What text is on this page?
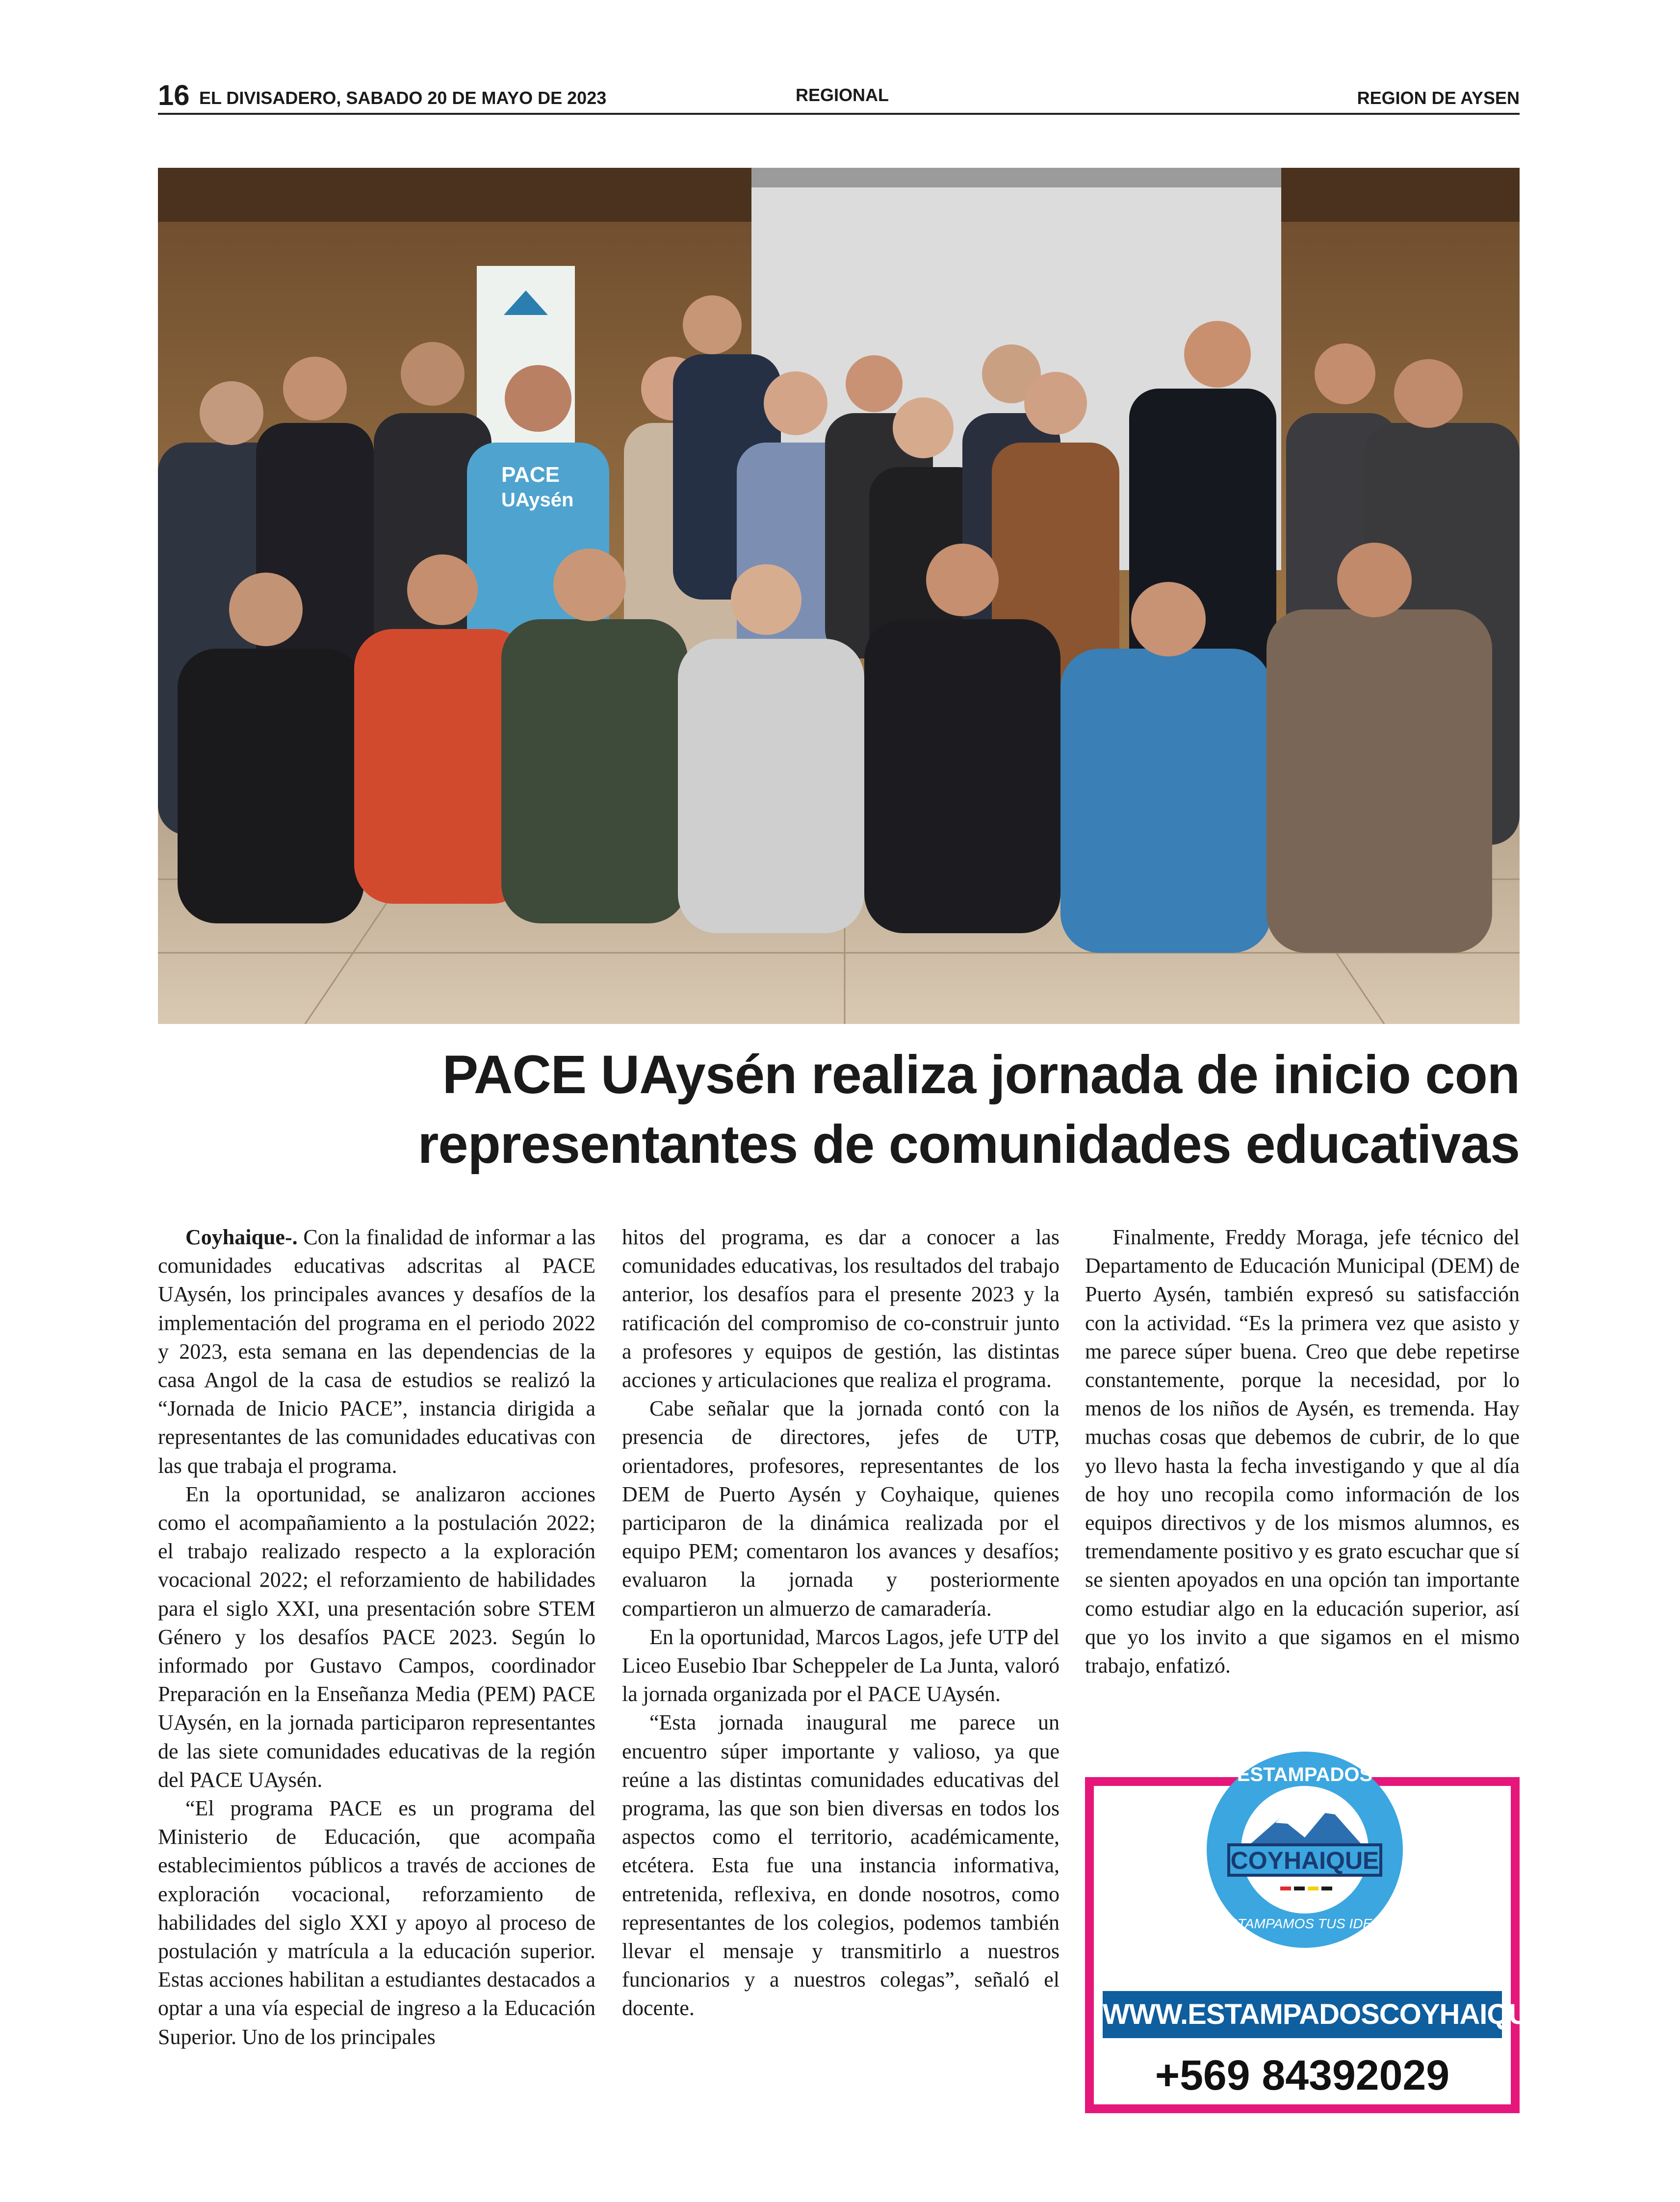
16 EL DIVISADERO, SABADO 20 DE MAYO DE 2023	REGIONAL	REGION DE AYSEN
PACE
UAysén
PACE UAysén realiza jornada de inicio con representantes de comunidades educativas

Coyhaique-. Con la finalidad de informar a las comunidades educativas adscritas al PACE UAysén, los principales avances y desafíos de la implementación del programa en el periodo 2022 y 2023, esta semana en las dependencias de la casa Angol de la casa de estudios se realizó la “Jornada de Inicio PACE”, instancia dirigida a representantes de las comunidades educativas con las que trabaja el programa.

En la oportunidad, se analizaron acciones como el acompañamiento a la postulación 2022; el trabajo realizado respecto a la exploración vocacional 2022; el reforzamiento de habilidades para el siglo XXI, una presentación sobre STEM Género y los desafíos PACE 2023. Según lo informado por Gustavo Campos, coordinador Preparación en la Enseñanza Media (PEM) PACE UAysén, en la jornada participaron representantes de las siete comunidades educativas de la región del PACE UAysén.

“El programa PACE es un programa del Ministerio de Educación, que acompaña establecimientos públicos a través de acciones de exploración vocacional, reforzamiento de habilidades del siglo XXI y apoyo al proceso de postulación y matrícula a la educación superior. Estas acciones habilitan a estudiantes destacados a optar a una vía especial de ingreso a la Educación Superior. Uno de los principales

hitos del programa, es dar a conocer a las comunidades educativas, los resultados del trabajo anterior, los desafíos para el presente 2023 y la ratificación del compromiso de co-construir junto a profesores y equipos de gestión, las distintas acciones y articulaciones que realiza el programa.

Cabe señalar que la jornada contó con la presencia de directores, jefes de UTP, orientadores, profesores, representantes de los DEM de Puerto Aysén y Coyhaique, quienes participaron de la dinámica realizada por el equipo PEM; comentaron los avances y desafíos; evaluaron la jornada y posteriormente compartieron un almuerzo de camaradería.

En la oportunidad, Marcos Lagos, jefe UTP del Liceo Eusebio Ibar Scheppeler de La Junta, valoró la jornada organizada por el PACE UAysén.

“Esta jornada inaugural me parece un encuentro súper importante y valioso, ya que reúne a las distintas comunidades educativas del programa, las que son bien diversas en todos los aspectos como el territorio, académicamente, etcétera. Esta fue una instancia informativa, entretenida, reflexiva, en donde nosotros, como representantes de los colegios, podemos también llevar el mensaje y transmitirlo a nuestros funcionarios y a nuestros colegas”, señaló el docente.

Finalmente, Freddy Moraga, jefe técnico del Departamento de Educación Municipal (DEM) de Puerto Aysén, también expresó su satisfacción con la actividad. “Es la primera vez que asisto y me parece súper buena. Creo que debe repetirse constantemente, porque la necesidad, por lo menos de los niños de Aysén, es tremenda. Hay muchas cosas que debemos de cubrir, de lo que yo llevo hasta la fecha investigando y que al día de hoy uno recopila como información de los equipos directivos y de los mismos alumnos, es tremendamente positivo y es grato escuchar que sí se sienten apoyados en una opción tan importante como estudiar algo en la educación superior, así que yo los invito a que sigamos en el mismo trabajo, enfatizó.

COYHAIQUE
ESTAMPADOS
ESTAMPAMOS TUS IDEAS
WWW.ESTAMPADOSCOYHAIQUE.CL
+569 84392029
